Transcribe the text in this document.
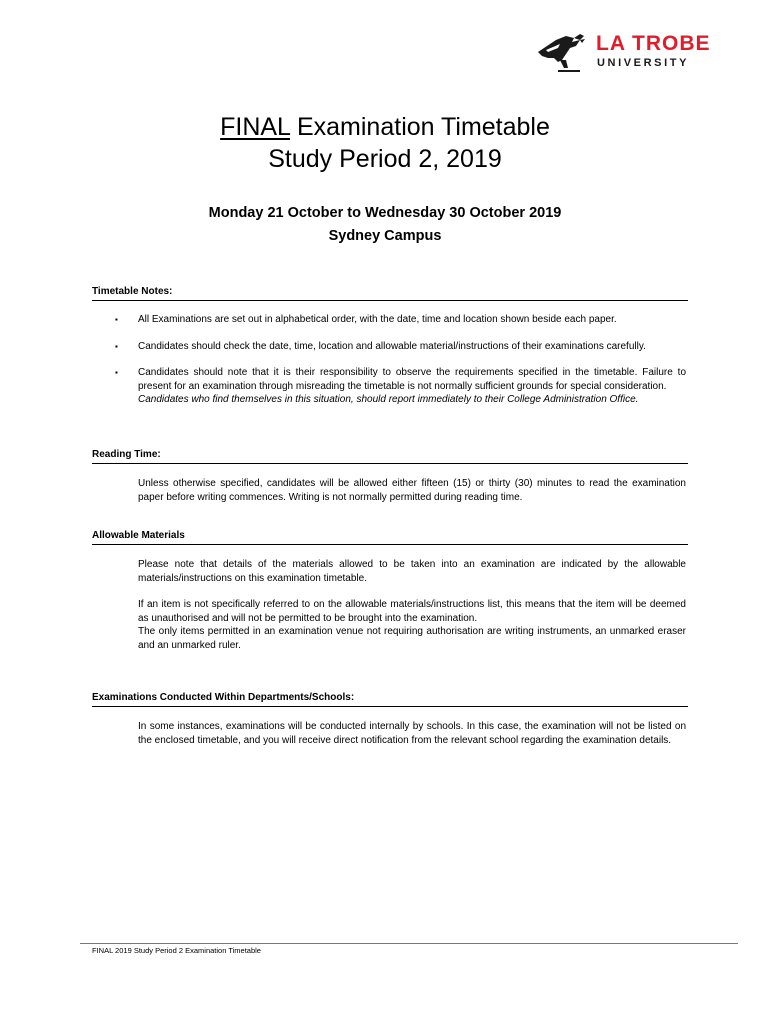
LA TROBE
UNIVERSITY
FINAL Examination Timetable
Study Period 2, 2019
Monday 21 October to Wednesday 30 October 2019
Sydney Campus
Timetable Notes:
▪ All Examinations are set out in alphabetical order, with the date, time and location shown beside each paper.
▪ Candidates should check the date, time, location and allowable material/instructions of their examinations carefully.
▪ Candidates should note that it is their responsibility to observe the requirements specified in the timetable. Failure to present for an examination through misreading the timetable is not normally sufficient grounds for special consideration.

Candidates who find themselves in this situation, should report immediately to their College Administration Office.

Reading Time:
Unless otherwise specified, candidates will be allowed either fifteen (15) or thirty (30) minutes to read the examination paper before writing commences. Writing is not normally permitted during reading time.
Allowable Materials
Please note that details of the materials allowed to be taken into an examination are indicated by the allowable materials/instructions on this examination timetable.

If an item is not specifically referred to on the allowable materials/instructions list, this means that the item will be deemed as unauthorised and will not be permitted to be brought into the examination.

The only items permitted in an examination venue not requiring authorisation are writing instruments, an unmarked eraser and an unmarked ruler.

Examinations Conducted Within Departments/Schools:
In some instances, examinations will be conducted internally by schools. In this case, the examination will not be listed on the enclosed timetable, and you will receive direct notification from the relevant school regarding the examination details.
FINAL 2019 Study Period 2 Examination Timetable
